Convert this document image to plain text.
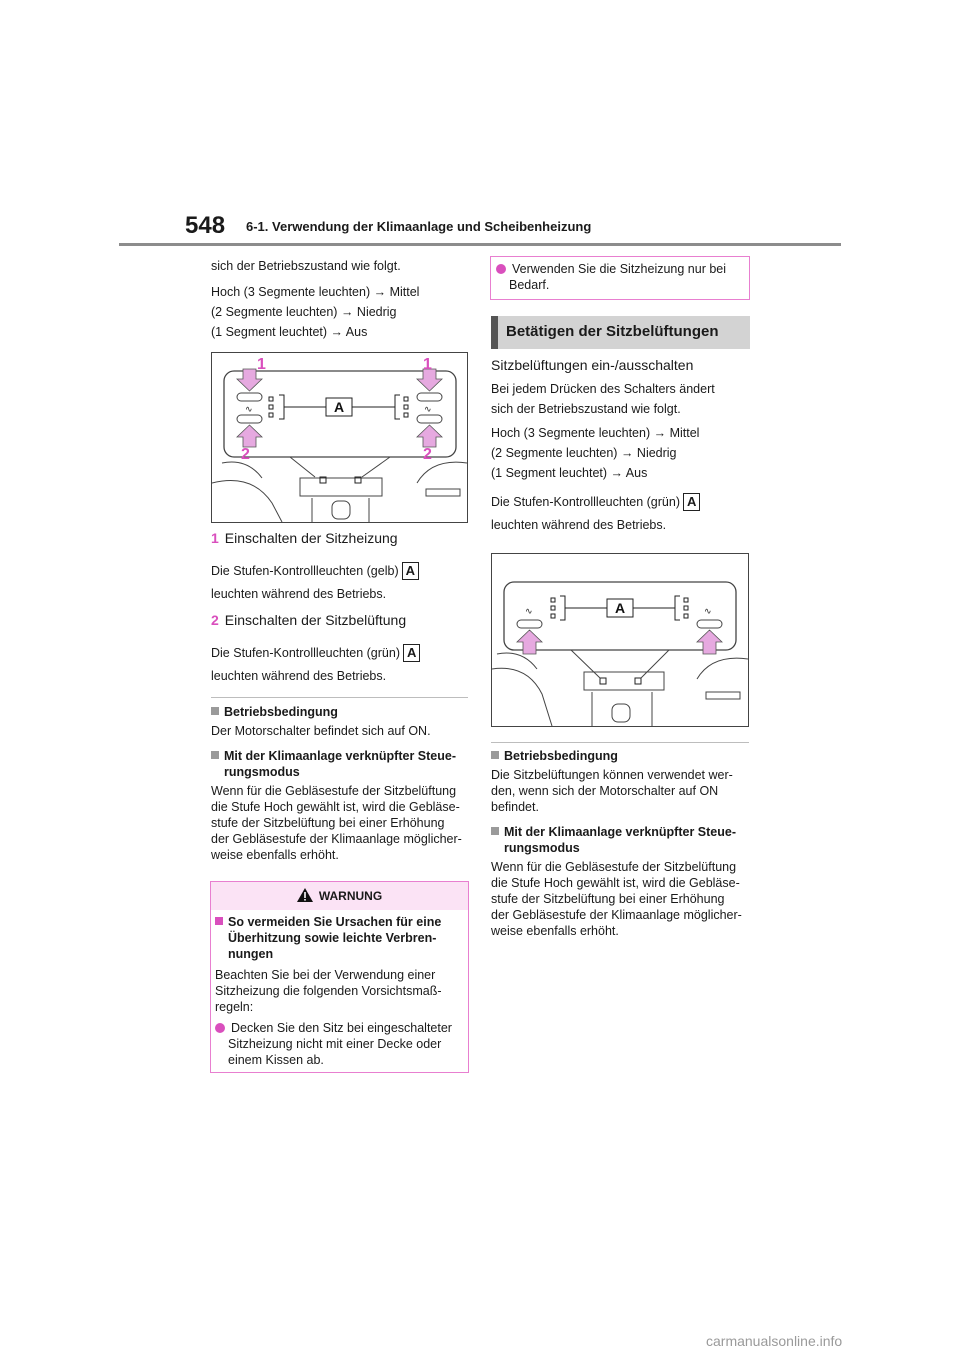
548 6-1. Verwendung der Klimaanlage und Scheibenheizung

sich der Betriebszustand wie folgt.

Hoch (3 Segmente leuchten) → Mittel

(2 Segmente leuchten) → Niedrig

(1 Segment leuchtet) → Aus

∿	∿
A
1	1
2	2

1 Einschalten der Sitzheizung

Die Stufen-Kontrollleuchten (gelb) A

leuchten während des Betriebs.

2 Einschalten der Sitzbelüftung

Die Stufen-Kontrollleuchten (grün) A

leuchten während des Betriebs.

Betriebsbedingung

Der Motorschalter befindet sich auf ON.

Mit der Klimaanlage verknüpfter Steue-

rungsmodus

Wenn für die Gebläsestufe der Sitzbelüftung

die Stufe Hoch gewählt ist, wird die Gebläse-

stufe der Sitzbelüftung bei einer Erhöhung

der Gebläsestufe der Klimaanlage möglicher-

weise ebenfalls erhöht.

WARNUNG

So vermeiden Sie Ursachen für eine

Überhitzung sowie leichte Verbren-

nungen

Beachten Sie bei der Verwendung einer

Sitzheizung die folgenden Vorsichtsmaß-

regeln:

Decken Sie den Sitz bei eingeschalteter

Sitzheizung nicht mit einer Decke oder

einem Kissen ab.

Verwenden Sie die Sitzheizung nur bei

Bedarf.

Betätigen der Sitzbelüftungen

Sitzbelüftungen ein-/ausschalten

Bei jedem Drücken des Schalters ändert

sich der Betriebszustand wie folgt.

Hoch (3 Segmente leuchten) → Mittel

(2 Segmente leuchten) → Niedrig

(1 Segment leuchtet) → Aus

Die Stufen-Kontrollleuchten (grün) A

leuchten während des Betriebs.

∿	∿
A

Betriebsbedingung

Die Sitzbelüftungen können verwendet wer-

den, wenn sich der Motorschalter auf ON

befindet.

Mit der Klimaanlage verknüpfter Steue-

rungsmodus

Wenn für die Gebläsestufe der Sitzbelüftung

die Stufe Hoch gewählt ist, wird die Gebläse-

stufe der Sitzbelüftung bei einer Erhöhung

der Gebläsestufe der Klimaanlage möglicher-

weise ebenfalls erhöht.

carmanualsonline.info
